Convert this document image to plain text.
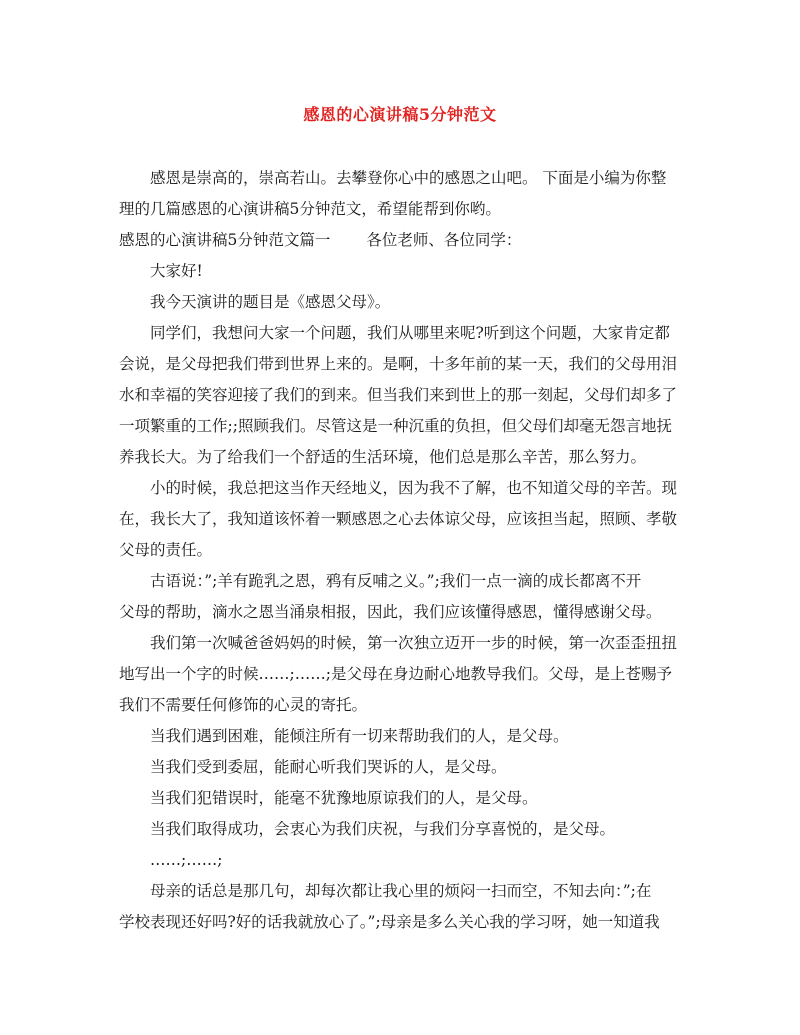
感恩的心演讲稿5分钟范文
感恩是崇高的，崇高若山。去攀登你心中的感恩之山吧。 下面是小编为你整
理的几篇感恩的心演讲稿5分钟范文，希望能帮到你哟。
感恩的心演讲稿5分钟范文篇一 各位老师、各位同学：
大家好!
我今天演讲的题目是《感恩父母》。
同学们，我想问大家一个问题，我们从哪里来呢?听到这个问题，大家肯定都
会说，是父母把我们带到世界上来的。是啊，十多年前的某一天，我们的父母用泪
水和幸福的笑容迎接了我们的到来。但当我们来到世上的那一刻起，父母们却多了
一项繁重的工作;;照顾我们。尽管这是一种沉重的负担，但父母们却毫无怨言地抚
养我长大。为了给我们一个舒适的生活环境，他们总是那么辛苦，那么努力。
小的时候，我总把这当作天经地义，因为我不了解，也不知道父母的辛苦。现
在，我长大了，我知道该怀着一颗感恩之心去体谅父母，应该担当起，照顾、孝敬
父母的责任。
古语说：”;羊有跪乳之恩，鸦有反哺之义。”;我们一点一滴的成长都离不开
父母的帮助，滴水之恩当涌泉相报，因此，我们应该懂得感恩，懂得感谢父母。
我们第一次喊爸爸妈妈的时候，第一次独立迈开一步的时候，第一次歪歪扭扭
地写出一个字的时候……;……;是父母在身边耐心地教导我们。父母，是上苍赐予
我们不需要任何修饰的心灵的寄托。
当我们遇到困难，能倾注所有一切来帮助我们的人，是父母。
当我们受到委屈，能耐心听我们哭诉的人，是父母。
当我们犯错误时，能毫不犹豫地原谅我们的人，是父母。
当我们取得成功，会衷心为我们庆祝，与我们分享喜悦的，是父母。
……;……;
母亲的话总是那几句，却每次都让我心里的烦闷一扫而空，不知去向：”;在
学校表现还好吗?好的话我就放心了。”;母亲是多么关心我的学习呀，她一知道我
